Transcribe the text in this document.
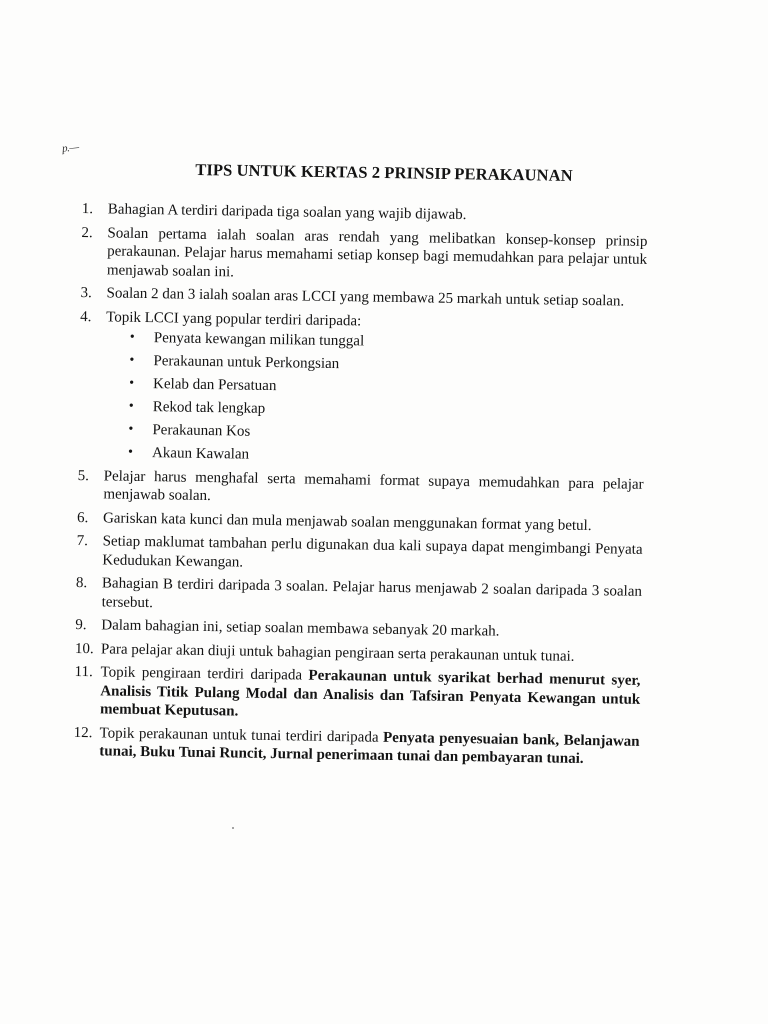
p.—
TIPS UNTUK KERTAS 2 PRINSIP PERAKAUNAN
1. Bahagian A terdiri daripada tiga soalan yang wajib dijawab.
2. Soalan pertama ialah soalan aras rendah yang melibatkan konsep-konsep prinsip perakaunan. Pelajar harus memahami setiap konsep bagi memudahkan para pelajar untuk menjawab soalan ini.
3. Soalan 2 dan 3 ialah soalan aras LCCI yang membawa 25 markah untuk setiap soalan.
4. Topik LCCI yang popular terdiri daripada:
• Penyata kewangan milikan tunggal
• Perakaunan untuk Perkongsian
• Kelab dan Persatuan
• Rekod tak lengkap
• Perakaunan Kos
• Akaun Kawalan
5. Pelajar harus menghafal serta memahami format supaya memudahkan para pelajar menjawab soalan.
6. Gariskan kata kunci dan mula menjawab soalan menggunakan format yang betul.
7. Setiap maklumat tambahan perlu digunakan dua kali supaya dapat mengimbangi Penyata Kedudukan Kewangan.
8. Bahagian B terdiri daripada 3 soalan. Pelajar harus menjawab 2 soalan daripada 3 soalan tersebut.
9. Dalam bahagian ini, setiap soalan membawa sebanyak 20 markah.
10. Para pelajar akan diuji untuk bahagian pengiraan serta perakaunan untuk tunai.
11. Topik pengiraan terdiri daripada Perakaunan untuk syarikat berhad menurut syer, Analisis Titik Pulang Modal dan Analisis dan Tafsiran Penyata Kewangan untuk membuat Keputusan.
12. Topik perakaunan untuk tunai terdiri daripada Penyata penyesuaian bank, Belanjawan tunai, Buku Tunai Runcit, Jurnal penerimaan tunai dan pembayaran tunai.
